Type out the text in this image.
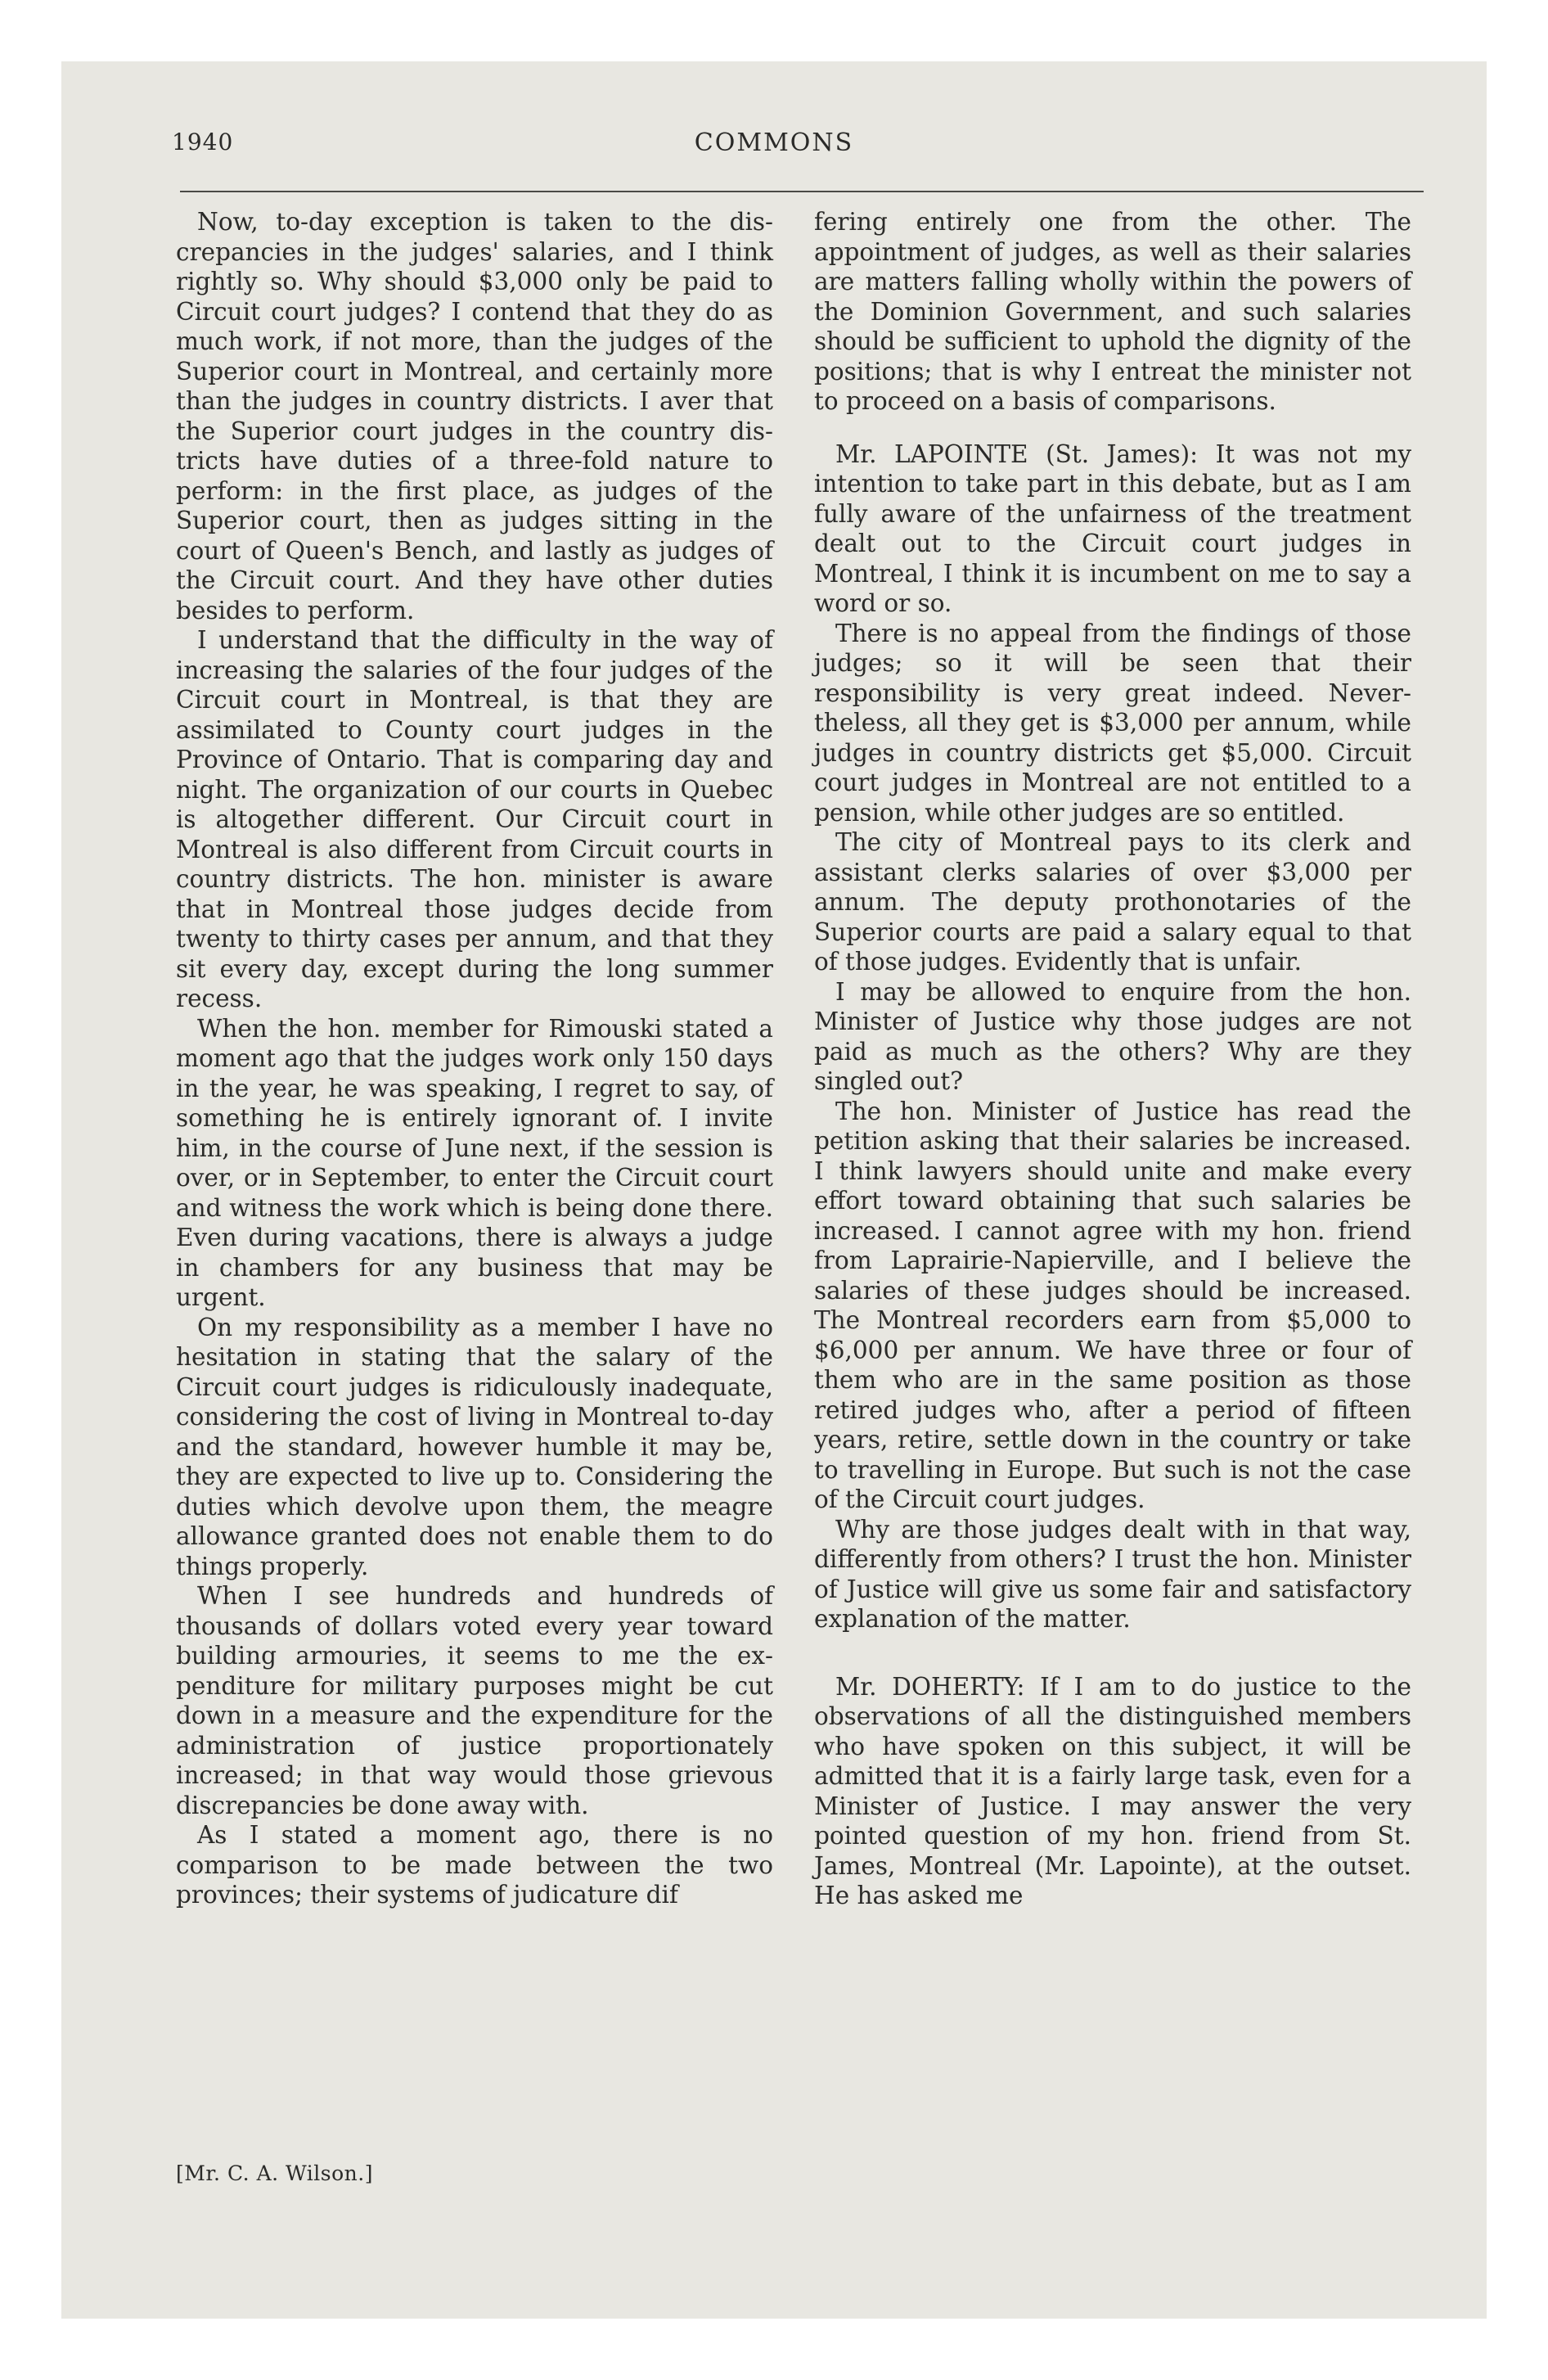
1940	COMMONS

Now, to-day exception is taken to the discrepancies in the judges' salaries, and I think rightly so. Why should $3,000 only be paid to Circuit court judges? I contend that they do as much work, if not more, than the judges of the Superior court in Montreal, and certainly more than the judges in country districts. I aver that the Superior court judges in the country districts have duties of a three-fold nature to perform: in the first place, as judges of the Superior court, then as judges sitting in the court of Queen's Bench, and lastly as judges of the Circuit court. And they have other duties besides to perform.

I understand that the difficulty in the way of increasing the salaries of the four judges of the Circuit court in Montreal, is that they are assimilated to County court judges in the Province of Ontario. That is comparing day and night. The organization of our courts in Quebec is altogether different. Our Circuit court in Montreal is also different from Circuit courts in country districts. The hon. minister is aware that in Montreal those judges decide from twenty to thirty cases per annum, and that they sit every day, except during the long summer recess.

When the hon. member for Rimouski stated a moment ago that the judges work only 150 days in the year, he was speaking, I regret to say, of something he is entirely ignorant of. I invite him, in the course of June next, if the session is over, or in September, to enter the Circuit court and witness the work which is being done there. Even during vacations, there is always a judge in chambers for any business that may be urgent.

On my responsibility as a member I have no hesitation in stating that the salary of the Circuit court judges is ridiculously inadequate, considering the cost of living in Montreal to-day and the standard, however humble it may be, they are expected to live up to. Considering the duties which devolve upon them, the meagre allowance granted does not enable them to do things properly.

When I see hundreds and hundreds of thousands of dollars voted every year toward building armouries, it seems to me the expenditure for military purposes might be cut down in a measure and the expenditure for the administration of justice proportionately increased; in that way would those grievous discrepancies be done away with.

As I stated a moment ago, there is no comparison to be made between the two provinces; their systems of judicature dif

fering entirely one from the other. The appointment of judges, as well as their salaries are matters falling wholly within the powers of the Dominion Government, and such salaries should be sufficient to uphold the dignity of the positions; that is why I entreat the minister not to proceed on a basis of comparisons.

Mr. LAPOINTE (St. James): It was not my intention to take part in this debate, but as I am fully aware of the unfairness of the treatment dealt out to the Circuit court judges in Montreal, I think it is incumbent on me to say a word or so.

There is no appeal from the findings of those judges; so it will be seen that their responsibility is very great indeed. Nevertheless, all they get is $3,000 per annum, while judges in country districts get $5,000. Circuit court judges in Montreal are not entitled to a pension, while other judges are so entitled.

The city of Montreal pays to its clerk and assistant clerks salaries of over $3,000 per annum. The deputy prothonotaries of the Superior courts are paid a salary equal to that of those judges. Evidently that is unfair.

I may be allowed to enquire from the hon. Minister of Justice why those judges are not paid as much as the others? Why are they singled out?

The hon. Minister of Justice has read the petition asking that their salaries be increased. I think lawyers should unite and make every effort toward obtaining that such salaries be increased. I cannot agree with my hon. friend from Laprairie-Napierville, and I believe the salaries of these judges should be increased. The Montreal recorders earn from $5,000 to $6,000 per annum. We have three or four of them who are in the same position as those retired judges who, after a period of fifteen years, retire, settle down in the country or take to travelling in Europe. But such is not the case of the Circuit court judges.

Why are those judges dealt with in that way, differently from others? I trust the hon. Minister of Justice will give us some fair and satisfactory explanation of the matter.

Mr. DOHERTY: If I am to do justice to the observations of all the distinguished members who have spoken on this subject, it will be admitted that it is a fairly large task, even for a Minister of Justice. I may answer the very pointed question of my hon. friend from St. James, Montreal (Mr. Lapointe), at the outset. He has asked me

[Mr. C. A. Wilson.]
